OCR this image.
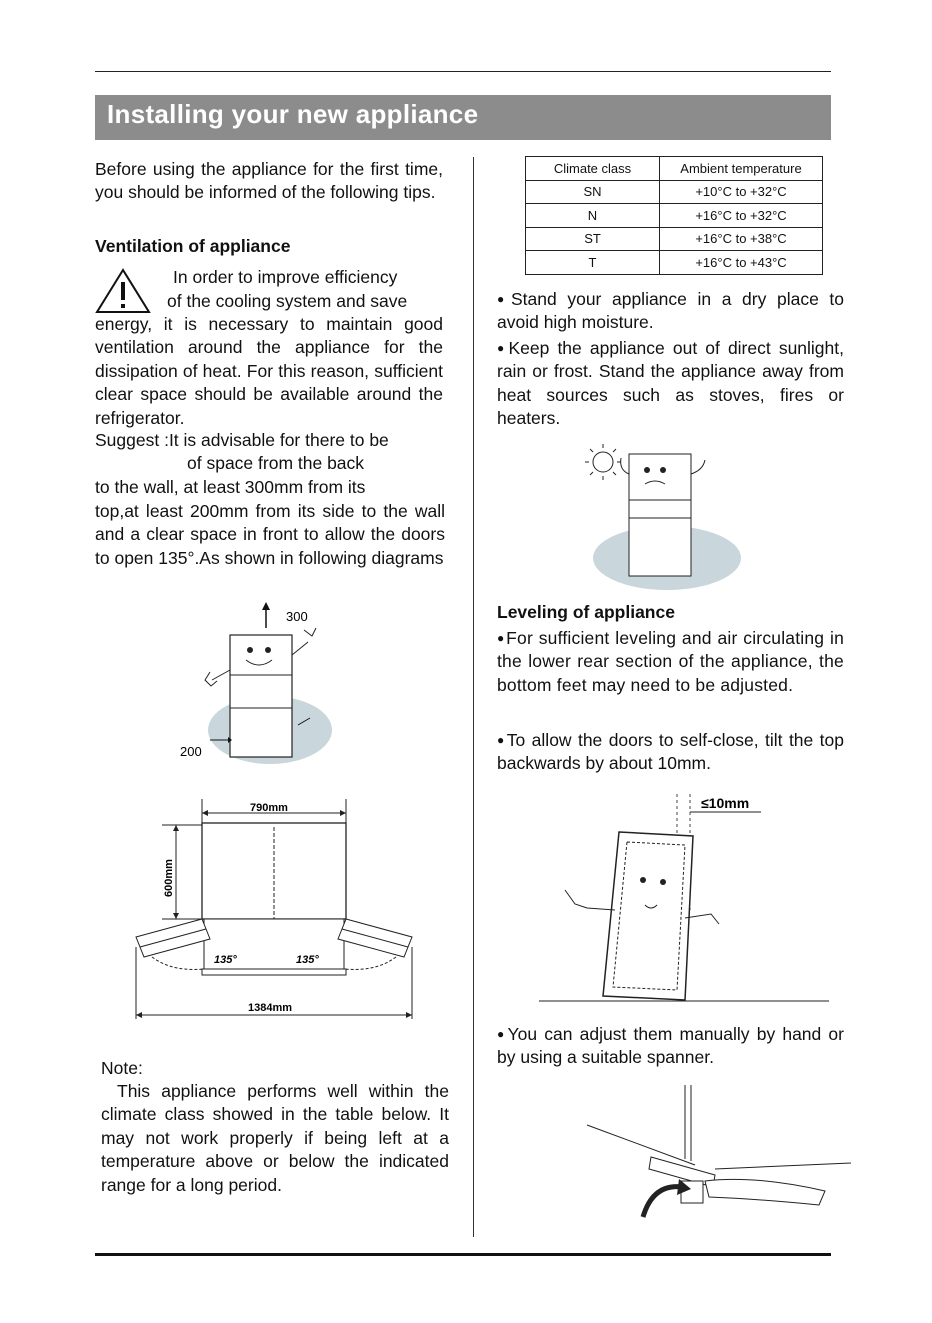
Installing your new appliance
Before using the appliance for the first time, you should be informed of the following tips.
Ventilation of appliance
In order to improve efficiency
of the cooling system and save
energy, it is necessary to maintain good ventilation around the appliance for the dissipation of heat. For this reason, sufficient clear space should be available around the refrigerator.
Suggest :It is advisable for there to be
of space from the back
to the wall, at least 300mm from its
top,at least 200mm from its side to the wall and a clear space in front to allow the doors to open 135°.As shown in following diagrams
300
200
790mm
600mm
135°	135°
1384mm
Note:
This appliance performs well within the climate class showed in the table below. It may not work properly if being left at a temperature above or below the indicated range for a long period.
Climate class	Ambient temperature
SN	+10°C to +32°C
N	+16°C to +32°C
ST	+16°C to +38°C
T	+16°C to +43°C
● Stand your appliance in a dry place to avoid high moisture.
● Keep the appliance out of direct sunlight, rain or frost. Stand the appliance away from heat sources such as stoves, fires or heaters.
Leveling of appliance
● For sufficient leveling and air circulating in the lower rear section of the appliance, the bottom feet may need to be adjusted.
● To allow the doors to self-close, tilt the top backwards by about 10mm.
≤10mm
● You can adjust them manually by hand or by using a suitable spanner.
